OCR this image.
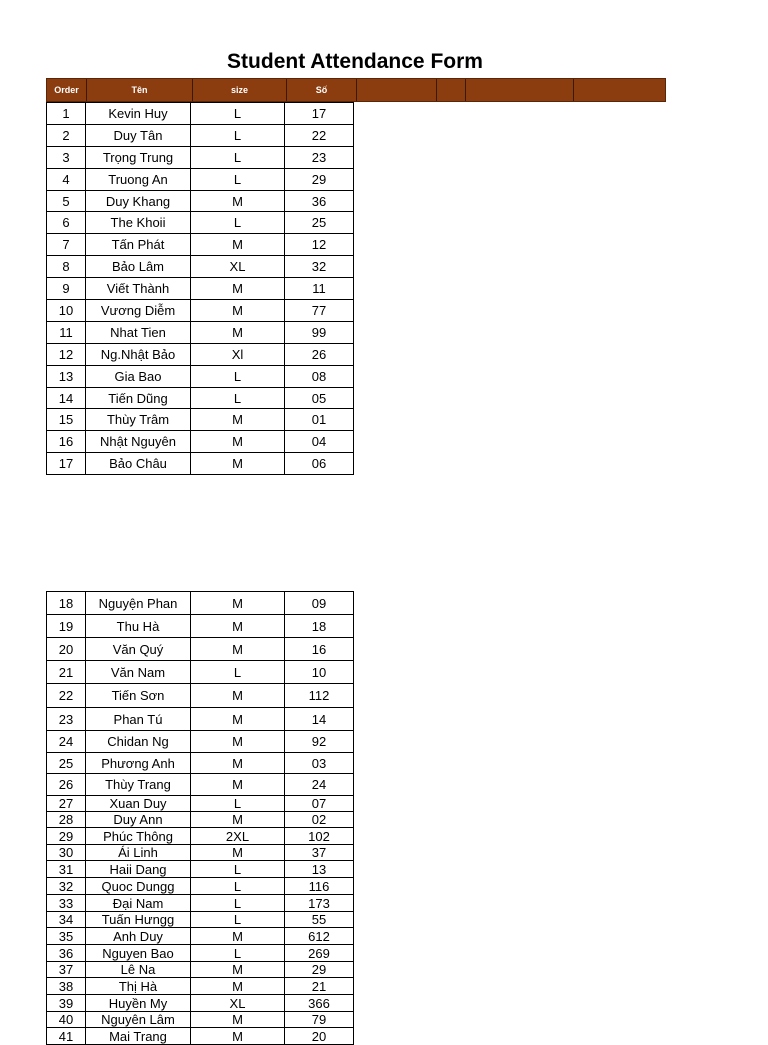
Student Attendance Form
Order	Tên	size	Số
1	Kevin Huy	L	17
2	Duy Tân	L	22
3	Trọng Trung	L	23
4	Truong An	L	29
5	Duy Khang	M	36
6	The Khoii	L	25
7	Tấn Phát	M	12
8	Bảo Lâm	XL	32
9	Viết Thành	M	11
10	Vương Diễm	M	77
11	Nhat Tien	M	99
12	Ng.Nhật Bảo	Xl	26
13	Gia Bao	L	08
14	Tiến Dũng	L	05
15	Thùy Trâm	M	01
16	Nhật Nguyên	M	04
17	Bảo Châu	M	06
18	Nguyện Phan	M	09
19	Thu Hà	M	18
20	Văn Quý	M	16
21	Văn Nam	L	10
22	Tiến Sơn	M	112
23	Phan Tú	M	14
24	Chidan Ng	M	92
25	Phương Anh	M	03
26	Thùy Trang	M	24
27	Xuan Duy	L	07
28	Duy Ann	M	02
29	Phúc Thông	2XL	102
30	Ái Linh	M	37
31	Haii Dang	L	13
32	Quoc Dungg	L	116
33	Đại Nam	L	173
34	Tuấn Hưngg	L	55
35	Anh Duy	M	612
36	Nguyen Bao	L	269
37	Lê Na	M	29
38	Thị Hà	M	21
39	Huyền My	XL	366
40	Nguyên Lâm	M	79
41	Mai Trang	M	20
